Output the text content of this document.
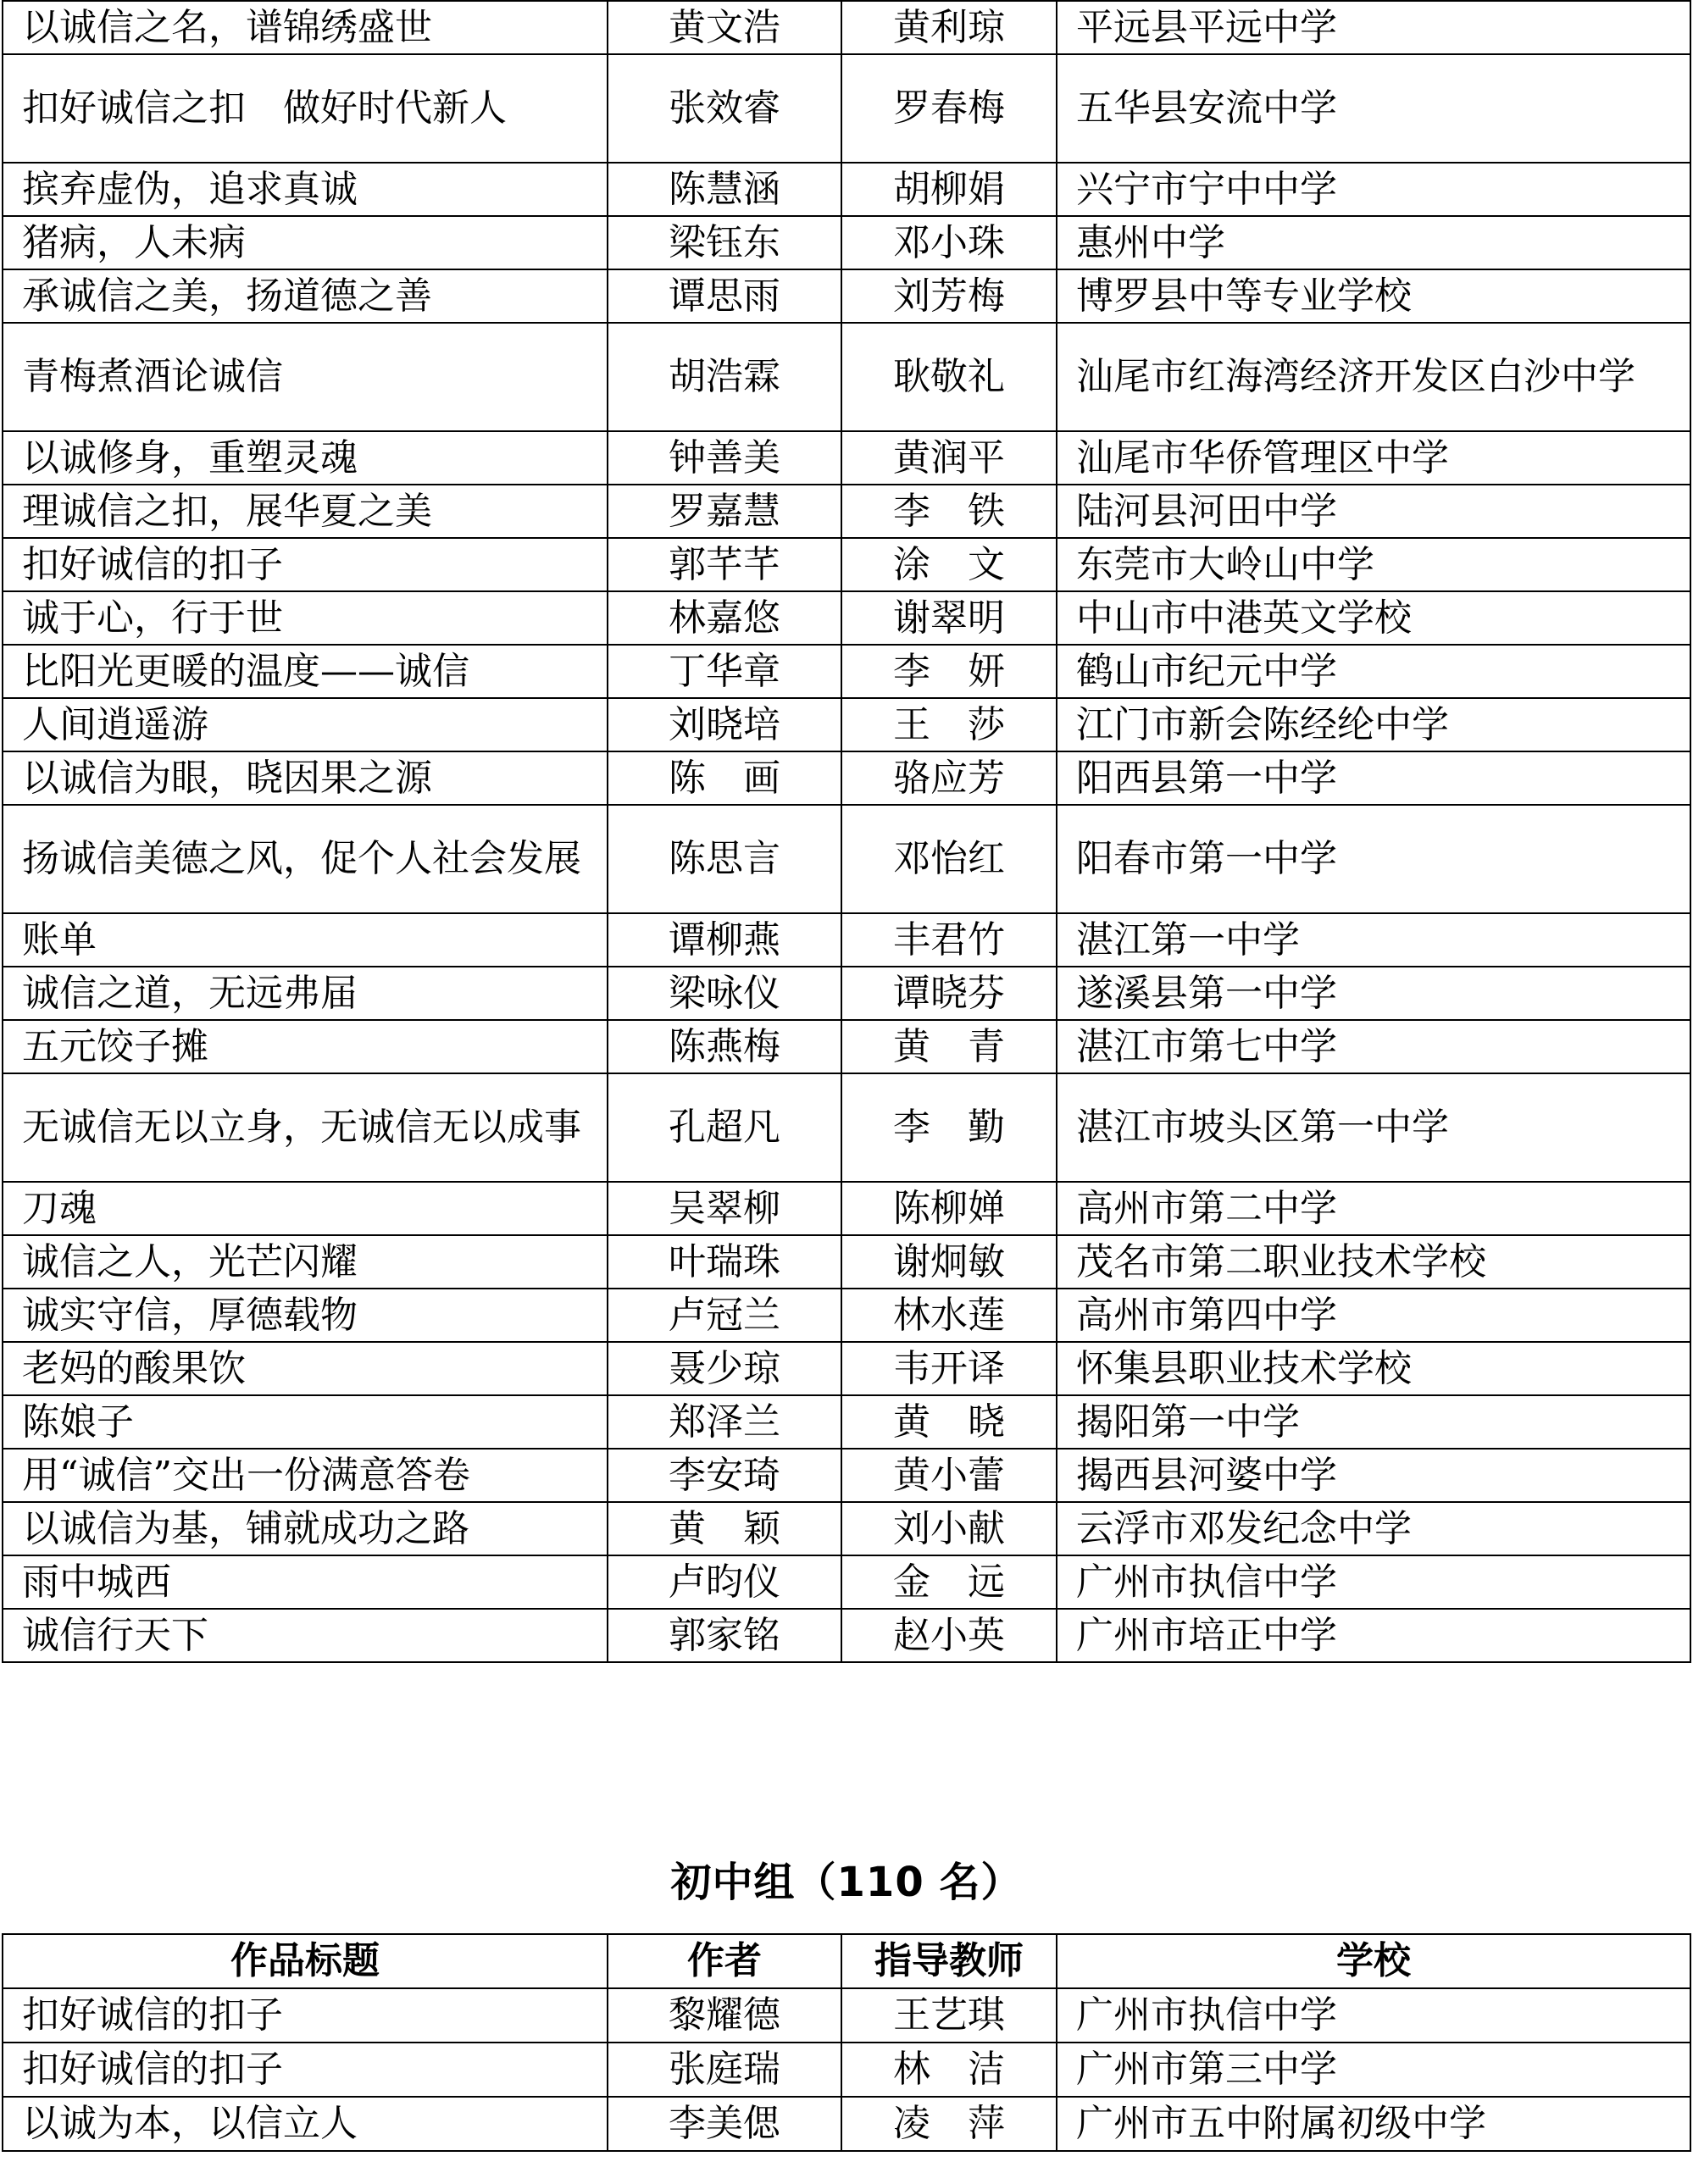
以诚信之名，谱锦绣盛世	黄文浩	黄利琼	平远县平远中学
扣好诚信之扣　做好时代新人	张效睿	罗春梅	五华县安流中学
摈弃虚伪，追求真诚	陈慧涵	胡柳娟	兴宁市宁中中学
猪病，人未病	梁钰东	邓小珠	惠州中学
承诚信之美，扬道德之善	谭思雨	刘芳梅	博罗县中等专业学校
青梅煮酒论诚信	胡浩霖	耿敬礼	汕尾市红海湾经济开发区白沙中学
以诚修身，重塑灵魂	钟善美	黄润平	汕尾市华侨管理区中学
理诚信之扣，展华夏之美	罗嘉慧	李　铁	陆河县河田中学
扣好诚信的扣子	郭芊芊	涂　文	东莞市大岭山中学
诚于心，行于世	林嘉悠	谢翠明	中山市中港英文学校
比阳光更暖的温度——诚信	丁华章	李　妍	鹤山市纪元中学
人间逍遥游	刘晓培	王　莎	江门市新会陈经纶中学
以诚信为眼，晓因果之源	陈　画	骆应芳	阳西县第一中学
扬诚信美德之风，促个人社会发展	陈思言	邓怡红	阳春市第一中学
账单	谭柳燕	丰君竹	湛江第一中学
诚信之道，无远弗届	梁咏仪	谭晓芬	遂溪县第一中学
五元饺子摊	陈燕梅	黄　青	湛江市第七中学
无诚信无以立身，无诚信无以成事	孔超凡	李　勤	湛江市坡头区第一中学
刀魂	吴翠柳	陈柳婵	高州市第二中学
诚信之人，光芒闪耀	叶瑞珠	谢炯敏	茂名市第二职业技术学校
诚实守信，厚德载物	卢冠兰	林水莲	高州市第四中学
老妈的酸果饮	聂少琼	韦开译	怀集县职业技术学校
陈娘子	郑泽兰	黄　晓	揭阳第一中学
用“诚信”交出一份满意答卷	李安琦	黄小蕾	揭西县河婆中学
以诚信为基，铺就成功之路	黄　颖	刘小献	云浮市邓发纪念中学
雨中城西	卢昀仪	金　远	广州市执信中学
诚信行天下	郭家铭	赵小英	广州市培正中学
初中组（110 名）
作品标题	作者	指导教师	学校
扣好诚信的扣子	黎耀德	王艺琪	广州市执信中学
扣好诚信的扣子	张庭瑞	林　洁	广州市第三中学
以诚为本，以信立人	李美偲	凌　萍	广州市五中附属初级中学
